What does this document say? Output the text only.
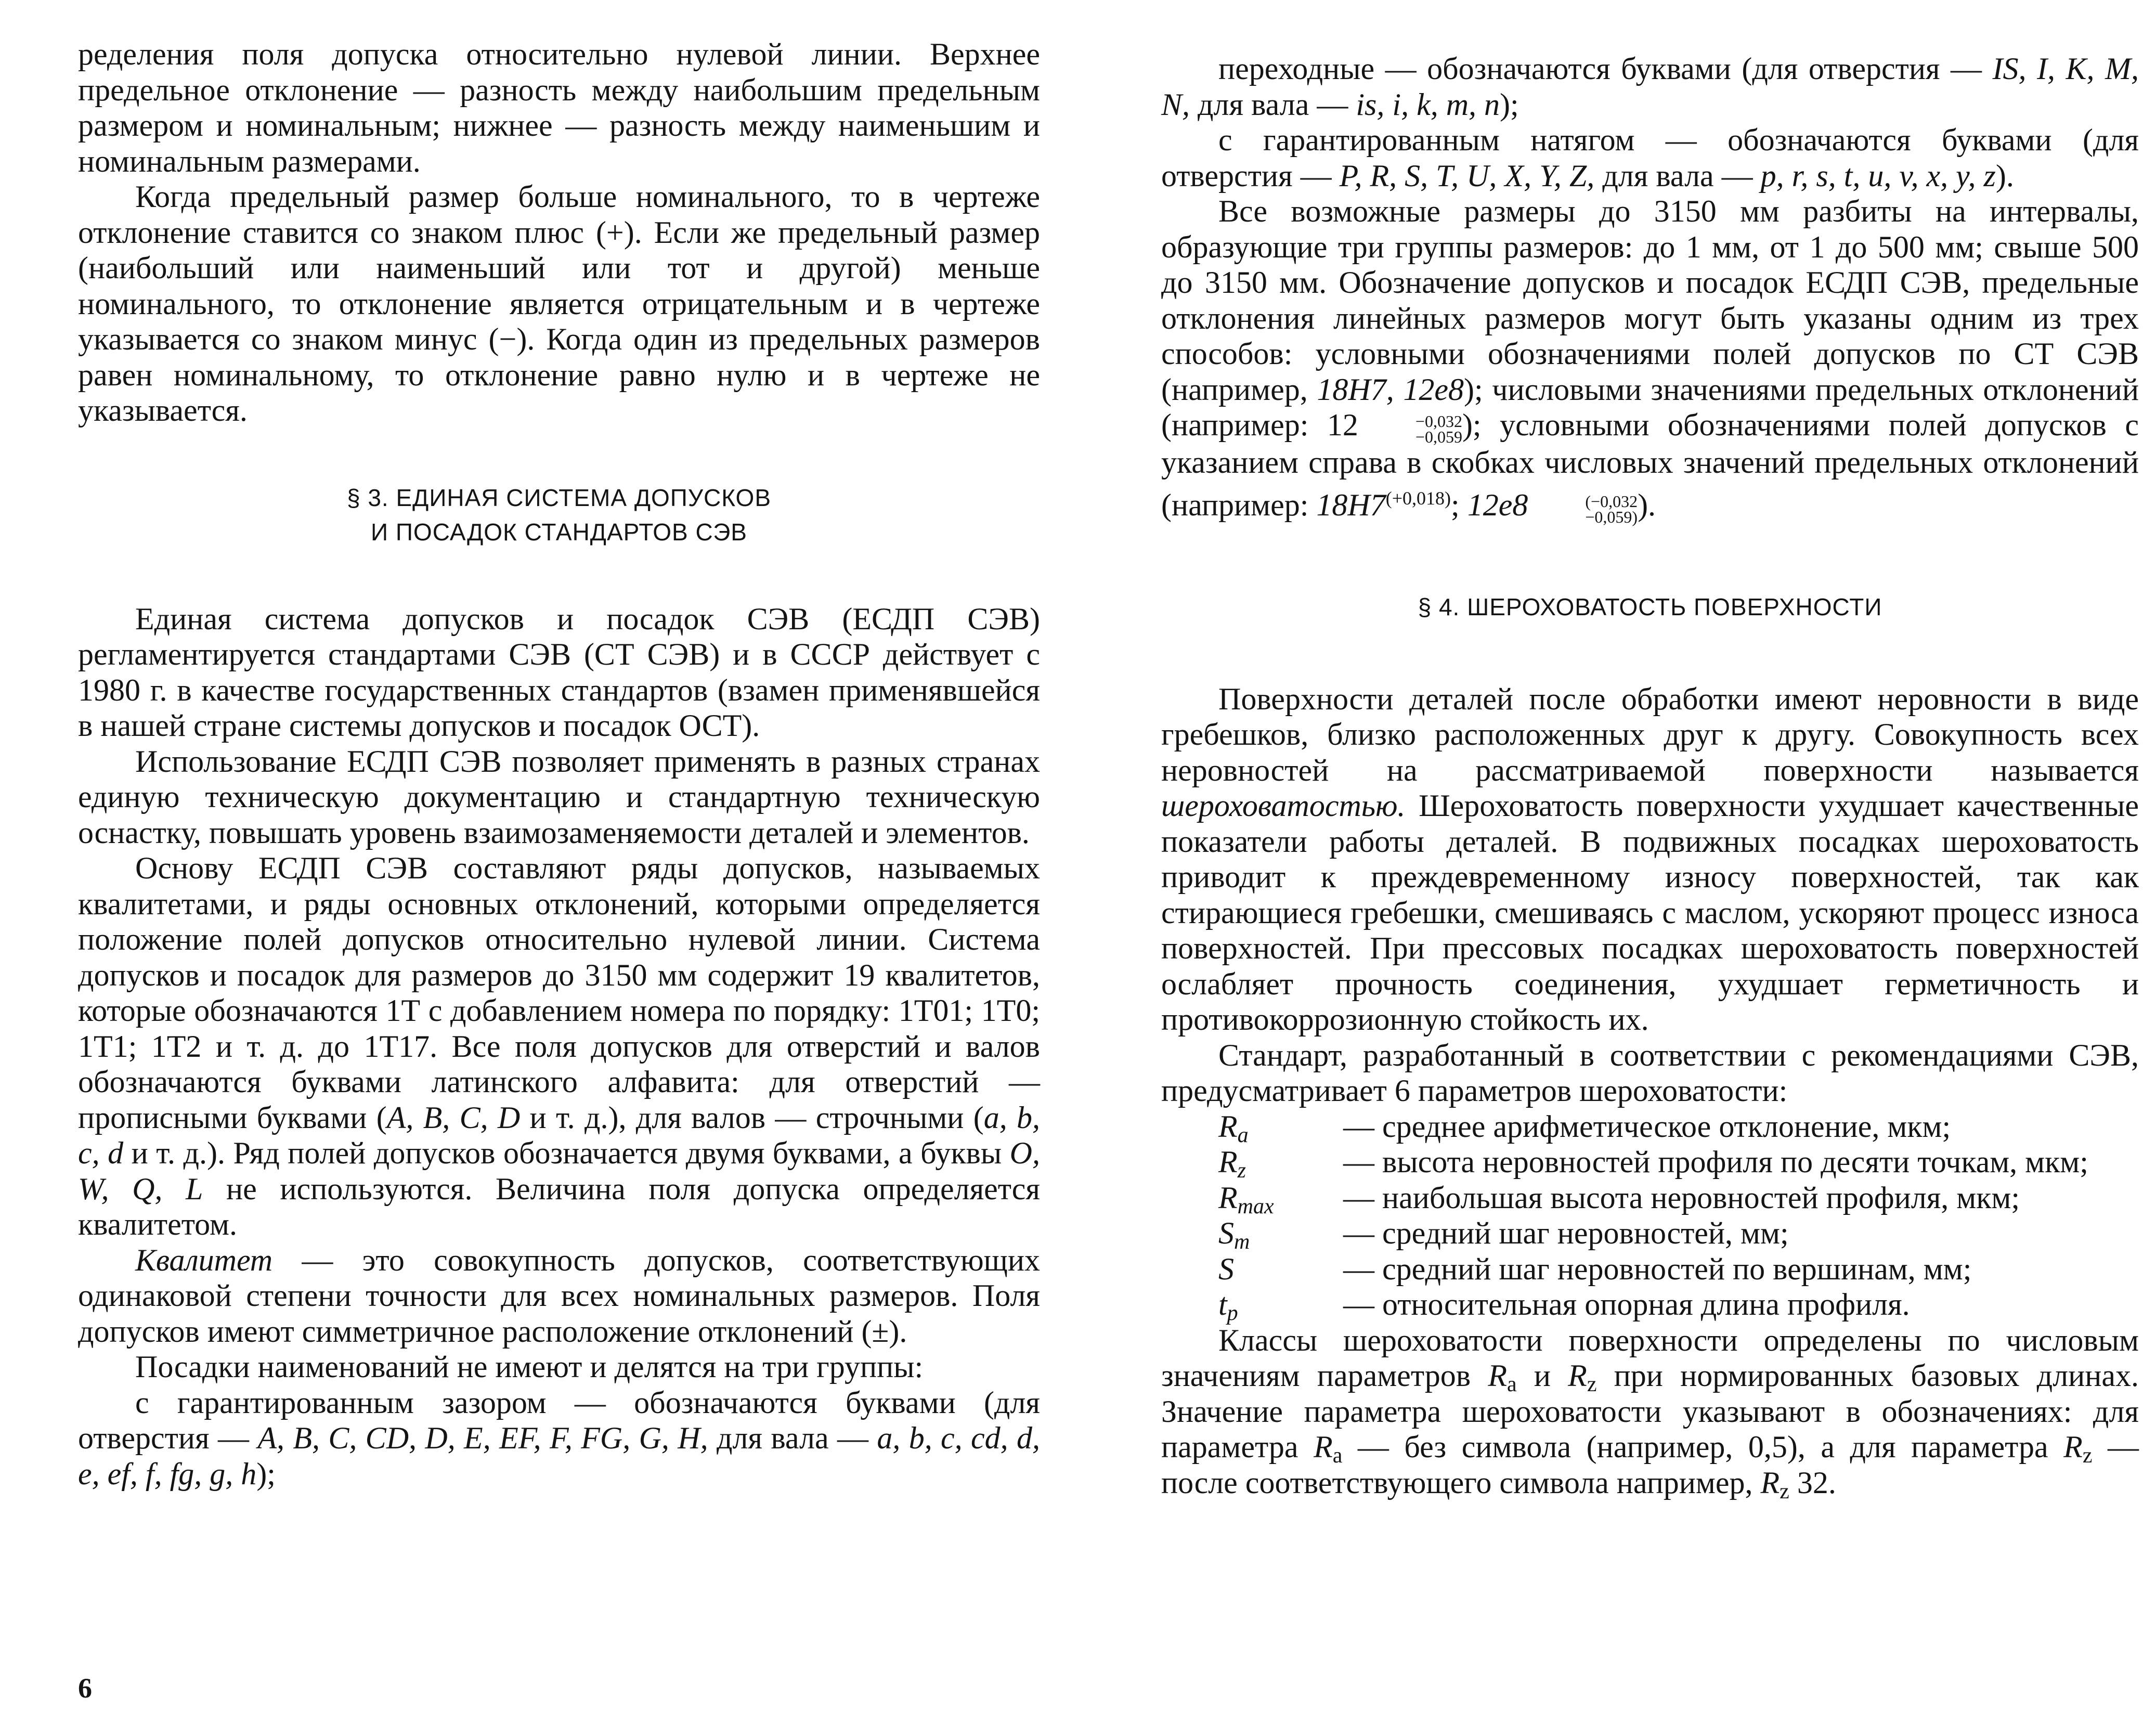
ределения поля допуска относительно нулевой линии. Верхнее предельное отклонение — разность между наибольшим предельным размером и номинальным; нижнее — разность между наименьшим и номинальным размерами.

Когда предельный размер больше номинального, то в чертеже отклонение ставится со знаком плюс (+). Если же предельный размер (наибольший или наименьший или тот и другой) меньше номинального, то отклонение является отрицательным и в чертеже указывается со знаком минус (−). Когда один из предельных размеров равен номинальному, то отклонение равно нулю и в чертеже не указывается.

§ 3. ЕДИНАЯ СИСТЕМА ДОПУСКОВ
И ПОСАДОК СТАНДАРТОВ СЭВ

Единая система допусков и посадок СЭВ (ЕСДП СЭВ) регламентируется стандартами СЭВ (СТ СЭВ) и в СССР действует с 1980 г. в качестве государственных стандартов (взамен применявшейся в нашей стране системы допусков и посадок ОСТ).

Использование ЕСДП СЭВ позволяет применять в разных странах единую техническую документацию и стандартную техническую оснастку, повышать уровень взаимозаменяемости деталей и элементов.

Основу ЕСДП СЭВ составляют ряды допусков, называемых квалитетами, и ряды основных отклонений, которыми определяется положение полей допусков относительно нулевой линии. Система допусков и посадок для размеров до 3150 мм содержит 19 квалитетов, которые обозначаются 1Т с добавлением номера по порядку: 1Т01; 1Т0; 1Т1; 1Т2 и т. д. до 1Т17. Все поля допусков для отверстий и валов обозначаются буквами латинского алфавита: для отверстий — прописными буквами (A, B, C, D и т. д.), для валов — строчными (a, b, c, d и т. д.). Ряд полей допусков обозначается двумя буквами, а буквы O, W, Q, L не используются. Величина поля допуска определяется квалитетом.

Квалитет — это совокупность допусков, соответствующих одинаковой степени точности для всех номинальных размеров. Поля допусков имеют симметричное расположение отклонений (±).

Посадки наименований не имеют и делятся на три группы:

с гарантированным зазором — обозначаются буквами (для отверстия — A, B, C, CD, D, E, EF, F, FG, G, H, для вала — a, b, c, cd, d, e, ef, f, fg, g, h);

6

переходные — обозначаются буквами (для отверстия — IS, I, K, M, N, для вала — is, i, k, m, n);

с гарантированным натягом — обозначаются буквами (для отверстия — P, R, S, T, U, X, Y, Z, для вала — p, r, s, t, u, v, x, y, z).

Все возможные размеры до 3150 мм разбиты на интервалы, образующие три группы размеров: до 1 мм, от 1 до 500 мм; свыше 500 до 3150 мм. Обозначение допусков и посадок ЕСДП СЭВ, предельные отклонения линейных размеров могут быть указаны одним из трех способов: условными обозначениями полей допусков по СТ СЭВ (например, 18H7, 12e8); числовыми значениями предельных отклонений (например: 12	−0,032
−0,059 ); условными обозначениями полей допусков с указанием справа в скобках числовых значений предельных отклонений (например: $18H7^{(+0,018)}$; 12e8	(−0,032
−0,059) ).

§ 4. ШЕРОХОВАТОСТЬ ПОВЕРХНОСТИ

Поверхности деталей после обработки имеют неровности в виде гребешков, близко расположенных друг к другу. Совокупность всех неровностей на рассматриваемой поверхности называется шероховатостью. Шероховатость поверхности ухудшает качественные показатели работы деталей. В подвижных посадках шероховатость приводит к преждевременному износу поверхностей, так как стирающиеся гребешки, смешиваясь с маслом, ускоряют процесс износа поверхностей. При прессовых посадках шероховатость поверхностей ослабляет прочность соединения, ухудшает герметичность и противокоррозионную стойкость их.

Стандарт, разработанный в соответствии с рекомендациями СЭВ, предусматривает 6 параметров шероховатости:

$R_a$	— среднее арифметическое отклонение, мкм;
$R_z$	— высота неровностей профиля по десяти точкам, мкм;
$R_{max}$	— наибольшая высота неровностей профиля, мкм;
$S_m$	— средний шаг неровностей, мм;
S	— средний шаг неровностей по вершинам, мм;
$t_p$	— относительная опорная длина профиля.

Классы шероховатости поверхности определены по числовым значениям параметров $R_a$ и $R_z$ при нормированных базовых длинах. Значение параметра шероховатости указывают в обозначениях: для параметра $R_a$ — без символа (например, 0,5), а для параметра $R_z$ — после соответствующего символа например, $R_z$ 32.
